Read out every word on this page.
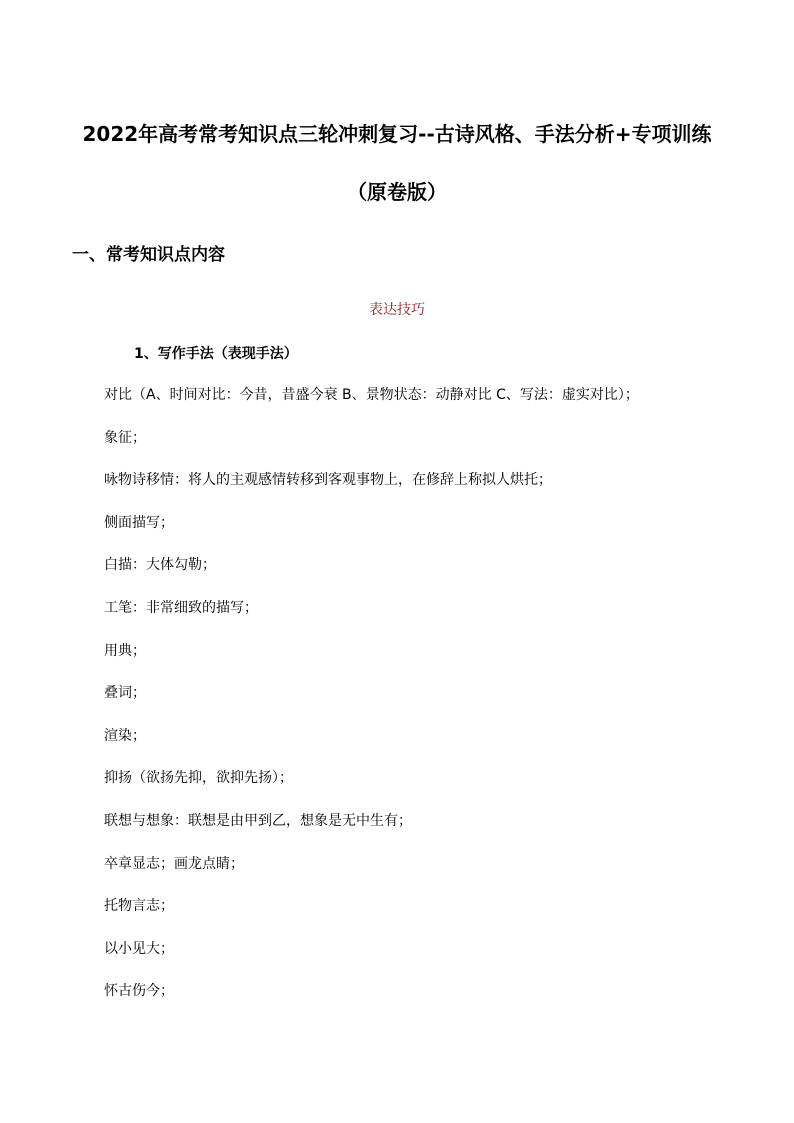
2022年高考常考知识点三轮冲刺复习--古诗风格、手法分析+专项训练
（原卷版）
一、常考知识点内容
表达技巧
1、写作手法（表现手法）
对比（A、时间对比：今昔，昔盛今衰 B、景物状态：动静对比 C、写法：虚实对比）；
象征；
咏物诗移情：将人的主观感情转移到客观事物上，在修辞上称拟人烘托；
侧面描写；
白描：大体勾勒；
工笔：非常细致的描写；
用典；
叠词；
渲染；
抑扬（欲扬先抑，欲抑先扬）；
联想与想象：联想是由甲到乙，想象是无中生有；
卒章显志；画龙点睛；
托物言志；
以小见大；
怀古伤今；
